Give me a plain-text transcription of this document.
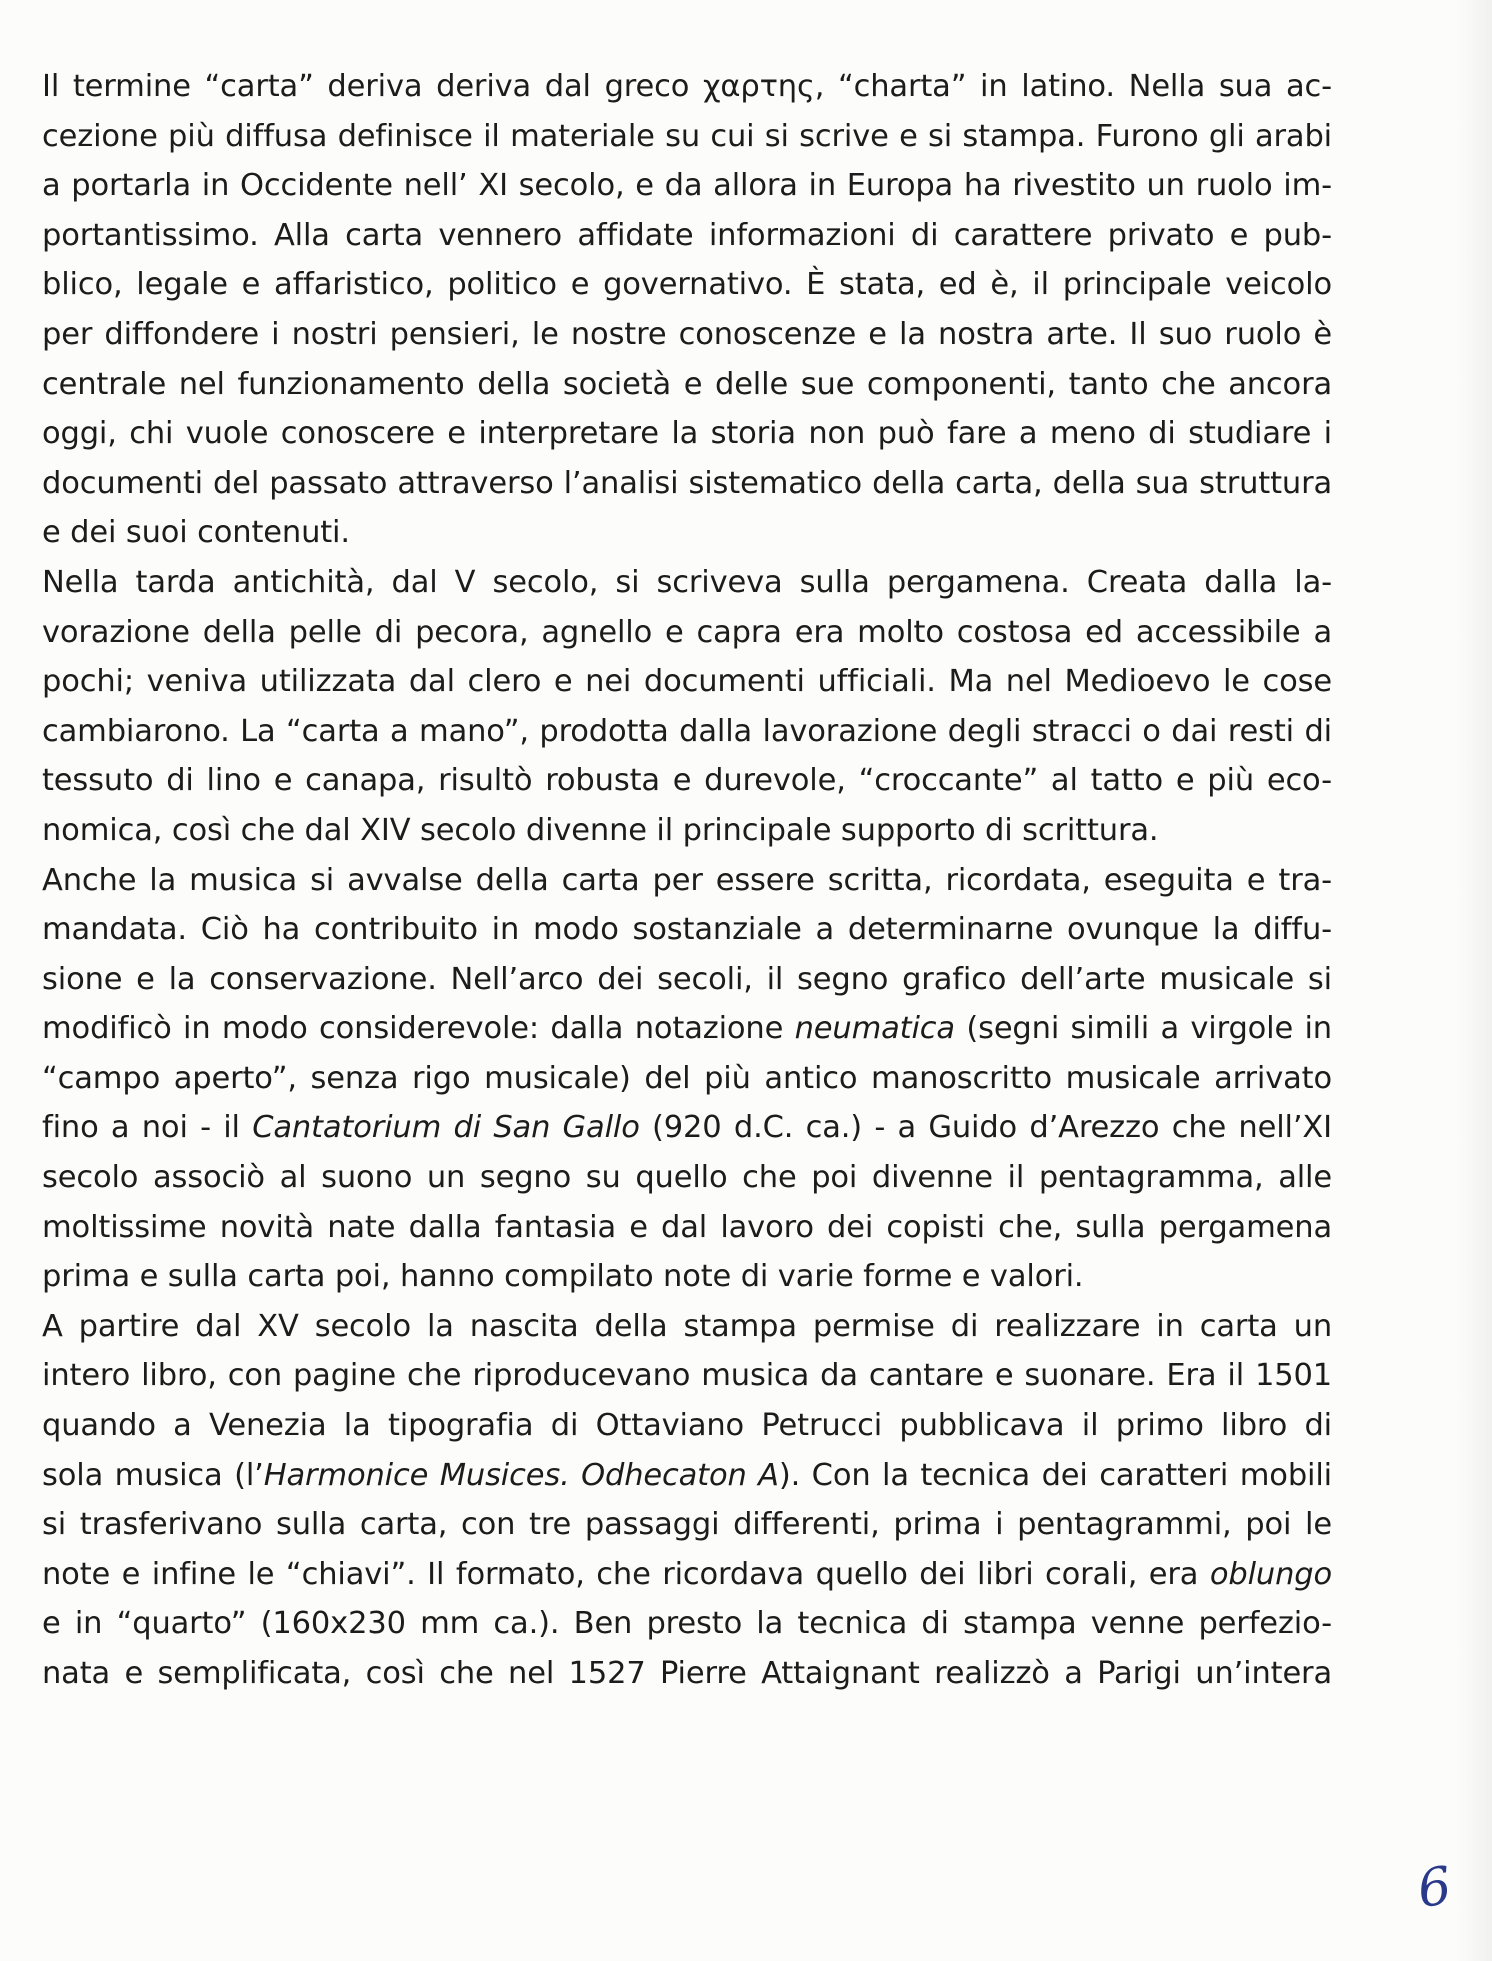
Il termine “carta” deriva deriva dal greco χαρτης, “charta” in latino. Nella sua ac-
cezione più diffusa definisce il materiale su cui si scrive e si stampa. Furono gli arabi
a portarla in Occidente nell’ XI secolo, e da allora in Europa ha rivestito un ruolo im-
portantissimo. Alla carta vennero affidate informazioni di carattere privato e pub-
blico, legale e affaristico, politico e governativo. È stata, ed è, il principale veicolo
per diffondere i nostri pensieri, le nostre conoscenze e la nostra arte. Il suo ruolo è
centrale nel funzionamento della società e delle sue componenti, tanto che ancora
oggi, chi vuole conoscere e interpretare la storia non può fare a meno di studiare i
documenti del passato attraverso l’analisi sistematico della carta, della sua struttura
e dei suoi contenuti.
Nella tarda antichità, dal V secolo, si scriveva sulla pergamena. Creata dalla la-
vorazione della pelle di pecora, agnello e capra era molto costosa ed accessibile a
pochi; veniva utilizzata dal clero e nei documenti ufficiali. Ma nel Medioevo le cose
cambiarono. La “carta a mano”, prodotta dalla lavorazione degli stracci o dai resti di
tessuto di lino e canapa, risultò robusta e durevole, “croccante” al tatto e più eco-
nomica, così che dal XIV secolo divenne il principale supporto di scrittura.
Anche la musica si avvalse della carta per essere scritta, ricordata, eseguita e tra-
mandata. Ciò ha contribuito in modo sostanziale a determinarne ovunque la diffu-
sione e la conservazione. Nell’arco dei secoli, il segno grafico dell’arte musicale si
modificò in modo considerevole: dalla notazione neumatica (segni simili a virgole in
“campo aperto”, senza rigo musicale) del più antico manoscritto musicale arrivato
fino a noi - il Cantatorium di San Gallo (920 d.C. ca.) - a Guido d’Arezzo che nell’XI
secolo associò al suono un segno su quello che poi divenne il pentagramma, alle
moltissime novità nate dalla fantasia e dal lavoro dei copisti che, sulla pergamena
prima e sulla carta poi, hanno compilato note di varie forme e valori.
A partire dal XV secolo la nascita della stampa permise di realizzare in carta un
intero libro, con pagine che riproducevano musica da cantare e suonare. Era il 1501
quando a Venezia la tipografia di Ottaviano Petrucci pubblicava il primo libro di
sola musica (l’Harmonice Musices. Odhecaton A). Con la tecnica dei caratteri mobili
si trasferivano sulla carta, con tre passaggi differenti, prima i pentagrammi, poi le
note e infine le “chiavi”. Il formato, che ricordava quello dei libri corali, era oblungo
e in “quarto” (160x230 mm ca.). Ben presto la tecnica di stampa venne perfezio-
nata e semplificata, così che nel 1527 Pierre Attaignant realizzò a Parigi un’intera
6
